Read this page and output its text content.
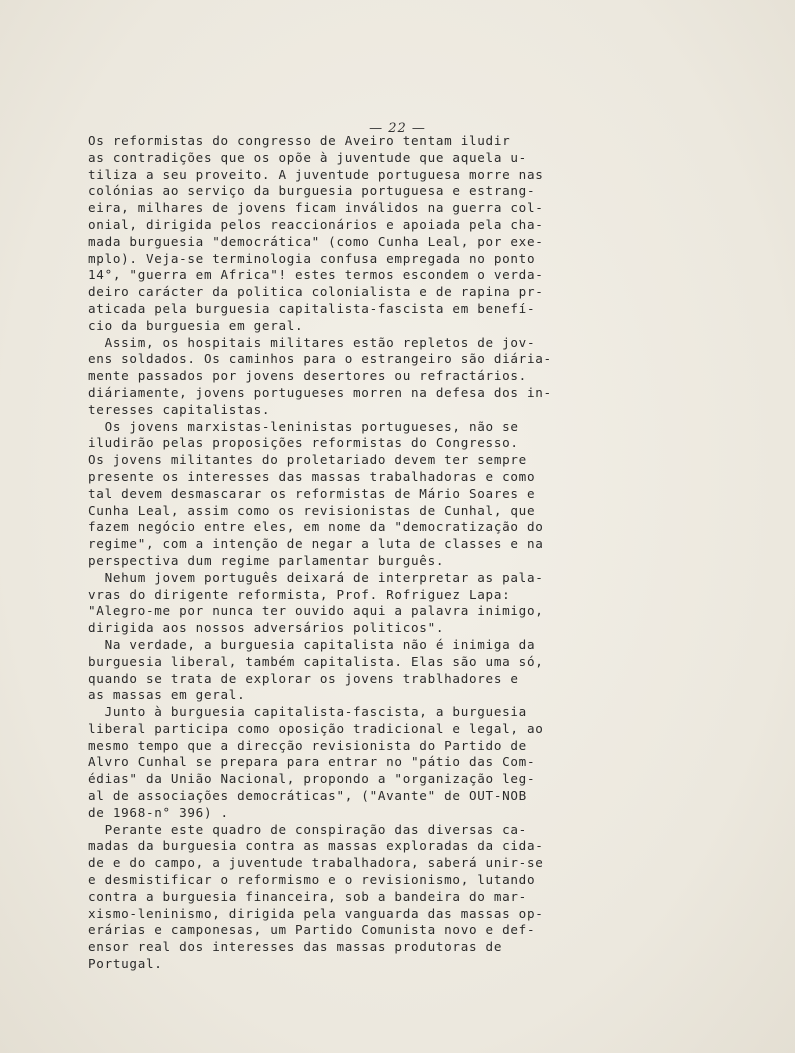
— 22 —
Os reformistas do congresso de Aveiro tentam iludir
as contradições que os opõe à juventude que aquela u-
tiliza a seu proveito. A juventude portuguesa morre nas
colónias ao serviço da burguesia portuguesa e estrang-
eira, milhares de jovens ficam inválidos na guerra col-
onial, dirigida pelos reaccionários e apoiada pela cha-
mada burguesia "democrática" (como Cunha Leal, por exe-
mplo). Veja-se terminologia confusa empregada no ponto
14°, "guerra em Africa"! estes termos escondem o verda-
deiro carácter da politica colonialista e de rapina pr-
aticada pela burguesia capitalista-fascista em benefí-
cio da burguesia em geral.
Assim, os hospitais militares estão repletos de jov-
ens soldados. Os caminhos para o estrangeiro são diária-
mente passados por jovens desertores ou refractários.
diáriamente, jovens portugueses morren na defesa dos in-
teresses capitalistas.
Os jovens marxistas-leninistas portugueses, não se
iludirão pelas proposições reformistas do Congresso.
Os jovens militantes do proletariado devem ter sempre
presente os interesses das massas trabalhadoras e como
tal devem desmascarar os reformistas de Mário Soares e
Cunha Leal, assim como os revisionistas de Cunhal, que
fazem negócio entre eles, em nome da "democratização do
regime", com a intenção de negar a luta de classes e na
perspectiva dum regime parlamentar burguês.
Nehum jovem português deixará de interpretar as pala-
vras do dirigente reformista, Prof. Rofriguez Lapa:
"Alegro-me por nunca ter ouvido aqui a palavra inimigo,
dirigida aos nossos adversários politicos".
Na verdade, a burguesia capitalista não é inimiga da
burguesia liberal, também capitalista. Elas são uma só,
quando se trata de explorar os jovens trablhadores e
as massas em geral.
Junto à burguesia capitalista-fascista, a burguesia
liberal participa como oposição tradicional e legal, ao
mesmo tempo que a direcção revisionista do Partido de
Alvro Cunhal se prepara para entrar no "pátio das Com-
édias" da União Nacional, propondo a "organização leg-
al de associações democráticas", ("Avante" de OUT-NOB
de 1968-n° 396) .
Perante este quadro de conspiração das diversas ca-
madas da burguesia contra as massas exploradas da cida-
de e do campo, a juventude trabalhadora, saberá unir-se
e desmistificar o reformismo e o revisionismo, lutando
contra a burguesia financeira, sob a bandeira do mar-
xismo-leninismo, dirigida pela vanguarda das massas op-
erárias e camponesas, um Partido Comunista novo e def-
ensor real dos interesses das massas produtoras de
Portugal.
